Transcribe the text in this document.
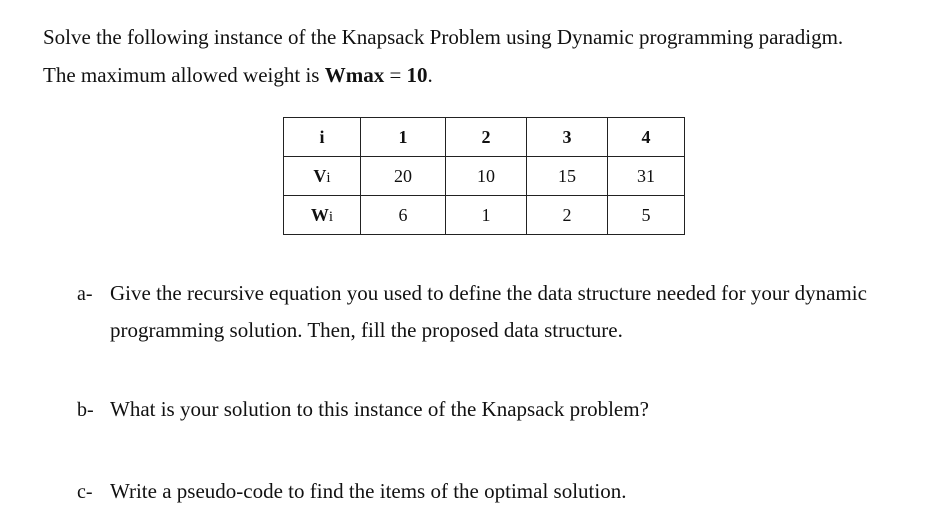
Solve the following instance of the Knapsack Problem using Dynamic programming paradigm.
The maximum allowed weight is Wmax = 10.
i	1	2	3	4
Vi	20	10	15	31
Wi	6	1	2	5
a- Give the recursive equation you used to define the data structure needed for your dynamic
programming solution. Then, fill the proposed data structure.
b- What is your solution to this instance of the Knapsack problem?
c- Write a pseudo-code to find the items of the optimal solution.
